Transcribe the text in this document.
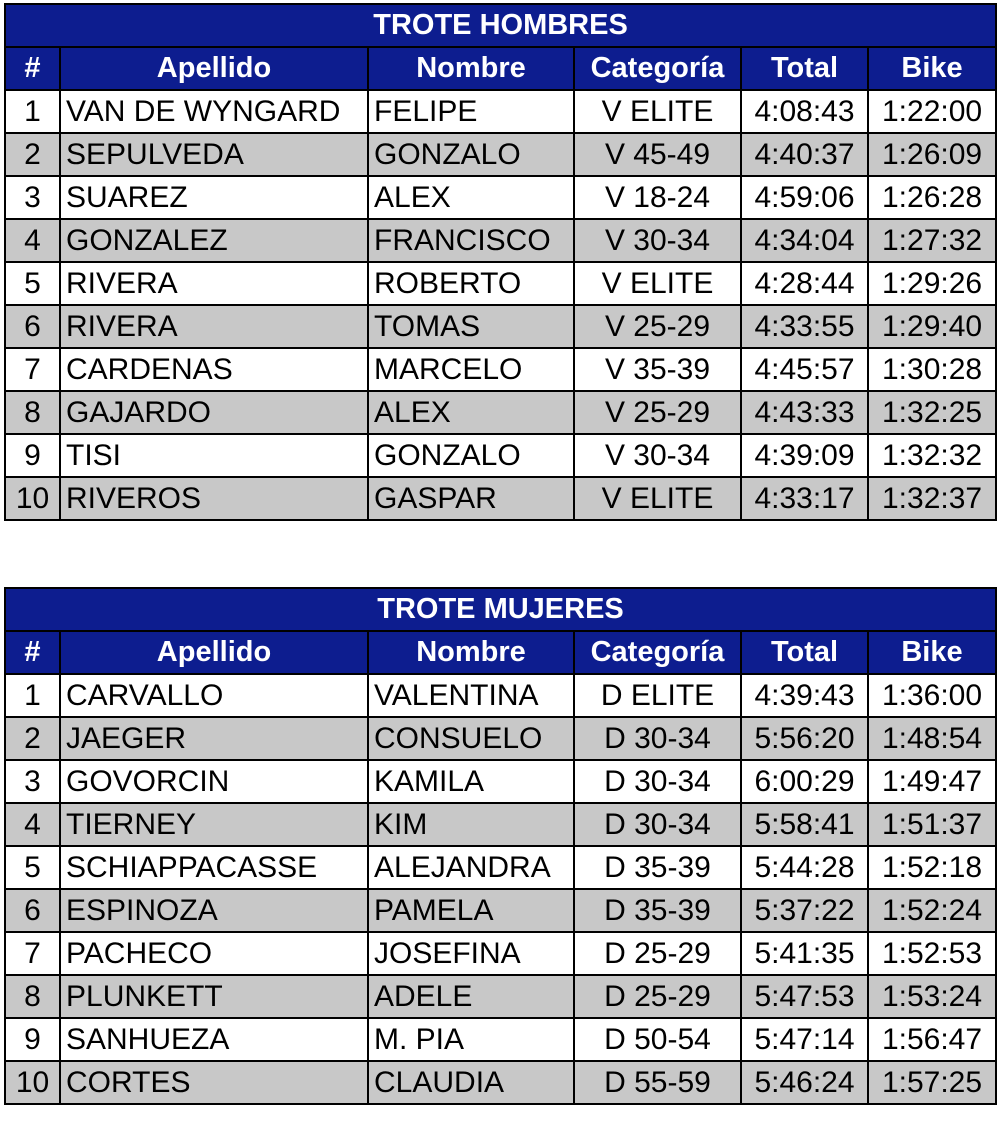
TROTE HOMBRES					
#	Apellido	Nombre	Categoría	Total	Bike
1	VAN DE WYNGARD	FELIPE	V ELITE	4:08:43	1:22:00
2	SEPULVEDA	GONZALO	V 45-49	4:40:37	1:26:09
3	SUAREZ	ALEX	V 18-24	4:59:06	1:26:28
4	GONZALEZ	FRANCISCO	V 30-34	4:34:04	1:27:32
5	RIVERA	ROBERTO	V ELITE	4:28:44	1:29:26
6	RIVERA	TOMAS	V 25-29	4:33:55	1:29:40
7	CARDENAS	MARCELO	V 35-39	4:45:57	1:30:28
8	GAJARDO	ALEX	V 25-29	4:43:33	1:32:25
9	TISI	GONZALO	V 30-34	4:39:09	1:32:32
10	RIVEROS	GASPAR	V ELITE	4:33:17	1:32:37
TROTE MUJERES					
#	Apellido	Nombre	Categoría	Total	Bike
1	CARVALLO	VALENTINA	D ELITE	4:39:43	1:36:00
2	JAEGER	CONSUELO	D 30-34	5:56:20	1:48:54
3	GOVORCIN	KAMILA	D 30-34	6:00:29	1:49:47
4	TIERNEY	KIM	D 30-34	5:58:41	1:51:37
5	SCHIAPPACASSE	ALEJANDRA	D 35-39	5:44:28	1:52:18
6	ESPINOZA	PAMELA	D 35-39	5:37:22	1:52:24
7	PACHECO	JOSEFINA	D 25-29	5:41:35	1:52:53
8	PLUNKETT	ADELE	D 25-29	5:47:53	1:53:24
9	SANHUEZA	M. PIA	D 50-54	5:47:14	1:56:47
10	CORTES	CLAUDIA	D 55-59	5:46:24	1:57:25
